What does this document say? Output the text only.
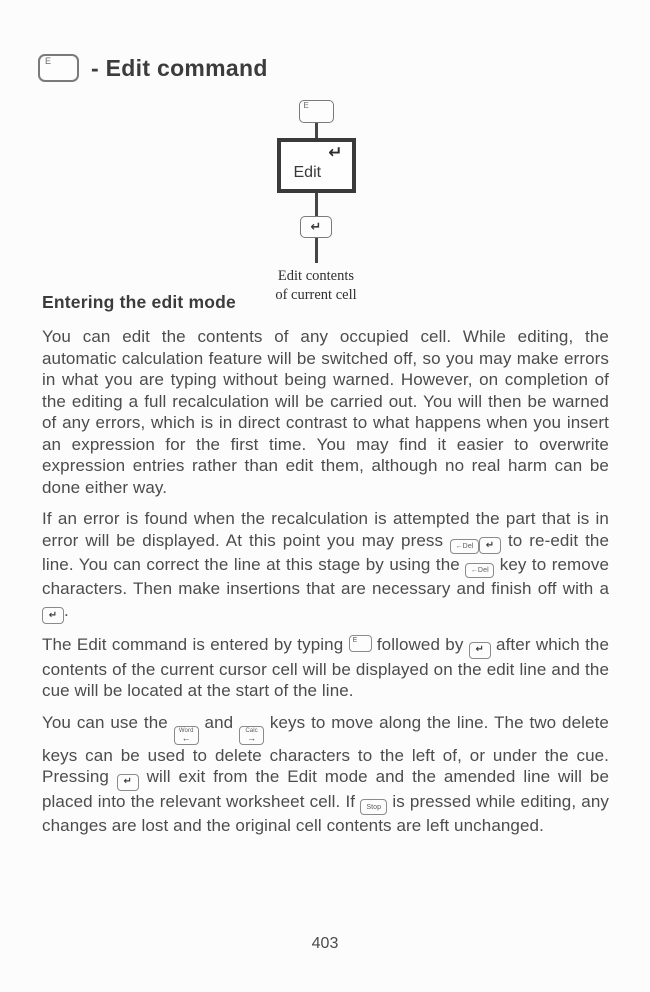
E - Edit command
E
↵
Edit
↵
Edit contents
of current cell
Entering the edit mode

You can edit the contents of any occupied cell. While editing, the automatic calculation feature will be switched off, so you may make errors in what you are typing without being warned. However, on completion of the editing a full recalculation will be carried out. You will then be warned of any errors, which is in direct contrast to what happens when you insert an expression for the first time. You may find it easier to overwrite expression entries rather than edit them, although no real harm can be done either way.

If an error is found when the recalculation is attempted the part that is in error will be displayed. At this point you may press ←Del ↵ to re-edit the line. You can correct the line at this stage by using the ←Del key to remove characters. Then make insertions that are necessary and finish off with a
↵ .

The Edit command is entered by typing E followed by ↵ after which the contents of the current cursor cell will be displayed on the edit line and the cue will be located at the start of the line.

You can use the Word
←
and Calc
→
keys to move along the line. The two delete keys can be used to delete characters to the left of, or under the cue. Pressing ↵ will exit from the Edit mode and the amended line will be placed into the relevant worksheet cell. If Stop is pressed while editing, any changes are lost and the original cell contents are left unchanged.

403
